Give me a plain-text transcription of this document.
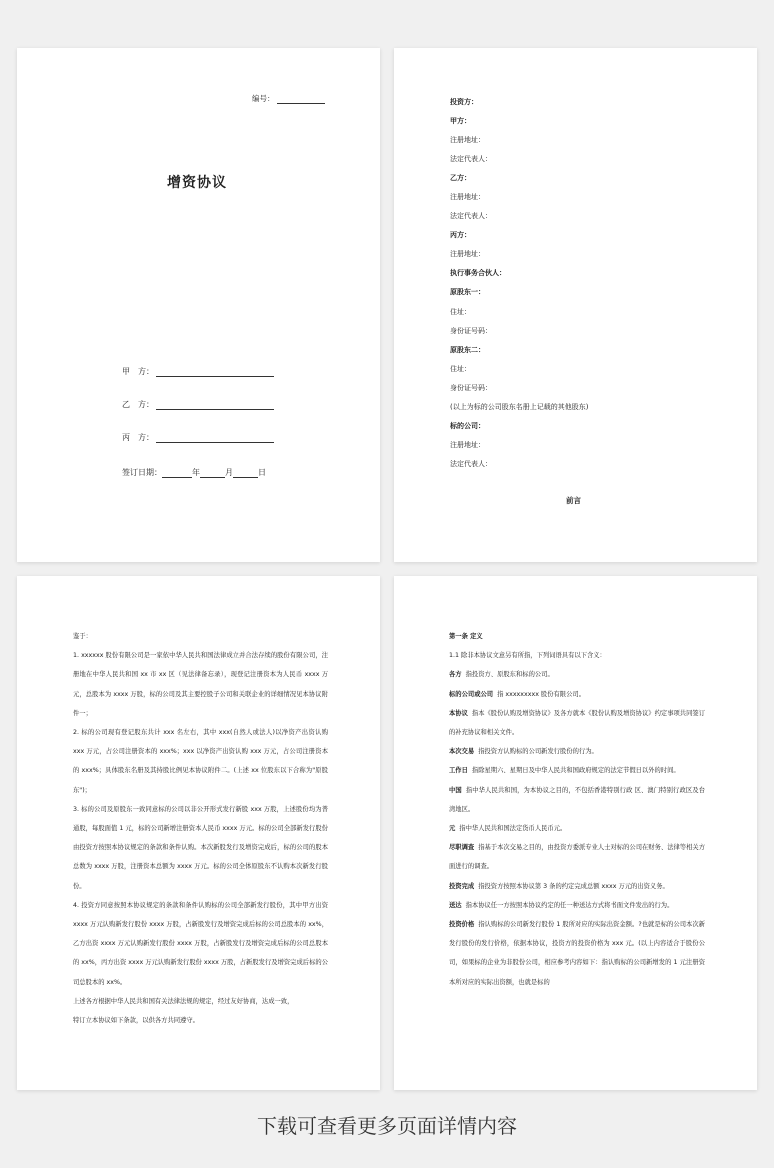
编号：
增资协议
甲　方：
乙　方：
丙　方：
签订日期：	年	月	日
投资方：
甲方：
注册地址：
法定代表人：
乙方：
注册地址：
法定代表人：
丙方：
注册地址：
执行事务合伙人：
原股东一：
住址：
身份证号码：
原股东二：
住址：
身份证号码：
(以上为标的公司股东名册上记载的其他股东)
标的公司：
注册地址：
法定代表人：
前言

鉴于：

1. xxxxxx 股份有限公司是一家依中华人民共和国法律成立并合法存续的股份有限公司，注册地在中华人民共和国 xx 市 xx 区（见法律备忘录），现登记注册资本为人民币 xxxx 万元，总股本为 xxxx 万股，标的公司及其主要控股子公司和关联企业的详细情况见本协议附件一；

2. 标的公司现有登记股东共计 xxx 名左右，其中 xxx(自然人或法人)以净资产出资认购 xxx 万元，占公司注册资本的 xxx%；xxx 以净资产出资认购 xxx 万元，占公司注册资本的 xxx%；具体股东名册及其持股比例见本协议附件二。(上述 xx 位股东以下合称为"原股东")；

3. 标的公司及原股东一致同意标的公司以非公开形式发行新股 xxx 万股，上述股份均为普通股，每股面值 1 元，标的公司新增注册资本人民币 xxxx 万元。标的公司全部新发行股份由投资方按照本协议规定的条款和条件认购。本次新股发行及增资完成后，标的公司的股本总数为 xxxx 万股，注册资本总额为 xxxx 万元。标的公司全体原股东不认购本次新发行股份。

4. 投资方同意按照本协议规定的条款和条件认购标的公司全部新发行股份，其中甲方出资 xxxx 万元认购新发行股份 xxxx 万股，占新股发行及增资完成后标的公司总股本的 xx%，乙方出资 xxxx 万元认购新发行股份 xxxx 万股，占新股发行及增资完成后标的公司总股本的 xx%，丙方出资 xxxx 万元认购新发行股份 xxxx 万股，占新股发行及增资完成后标的公司总股本的 xx%。

上述各方根据中华人民共和国有关法律法规的规定，经过友好协商，达成一致，

特订立本协议如下条款，以供各方共同遵守。

第一条 定义

1.1 除非本协议文意另有所指，下列词语具有以下含义：

各方 指投资方、原股东和标的公司。

标的公司或公司 指 xxxxxxxxx 股份有限公司。

本协议 指本《股份认购及增资协议》及各方就本《股份认购及增资协议》约定事项共同签订的补充协议和相关文件。

本次交易 指投资方认购标的公司新发行股份的行为。

工作日 指除星期六、星期日及中华人民共和国政府规定的法定节假日以外的时间。

中国 指中华人民共和国，为本协议之目的，不包括香港特别行政 区、澳门特别行政区及台湾地区。

元 指中华人民共和国法定货币人民币元。

尽职调查 指基于本次交易之目的，由投资方委派专业人士对标的公司在财务、法律等相关方面进行的调查。

投资完成 指投资方按照本协议第 3 条的约定完成总额 xxxx 万元的出资义务。

送达 指本协议任一方按照本协议约定的任一种送达方式将书面文件发出的行为。

投资价格 指认购标的公司新发行股份 1 股所对应的实际出资金额。?也就是标的公司本次新发行股份的发行价格，依据本协议，投资方的投资价格为 xxx 元。(以上内容适合于股份公司，如果标的企业为非股份公司，相应参考内容如下：指认购标的公司新增发的 1 元注册资本所对应的实际出资额，也就是标的

下载可查看更多页面详情内容
